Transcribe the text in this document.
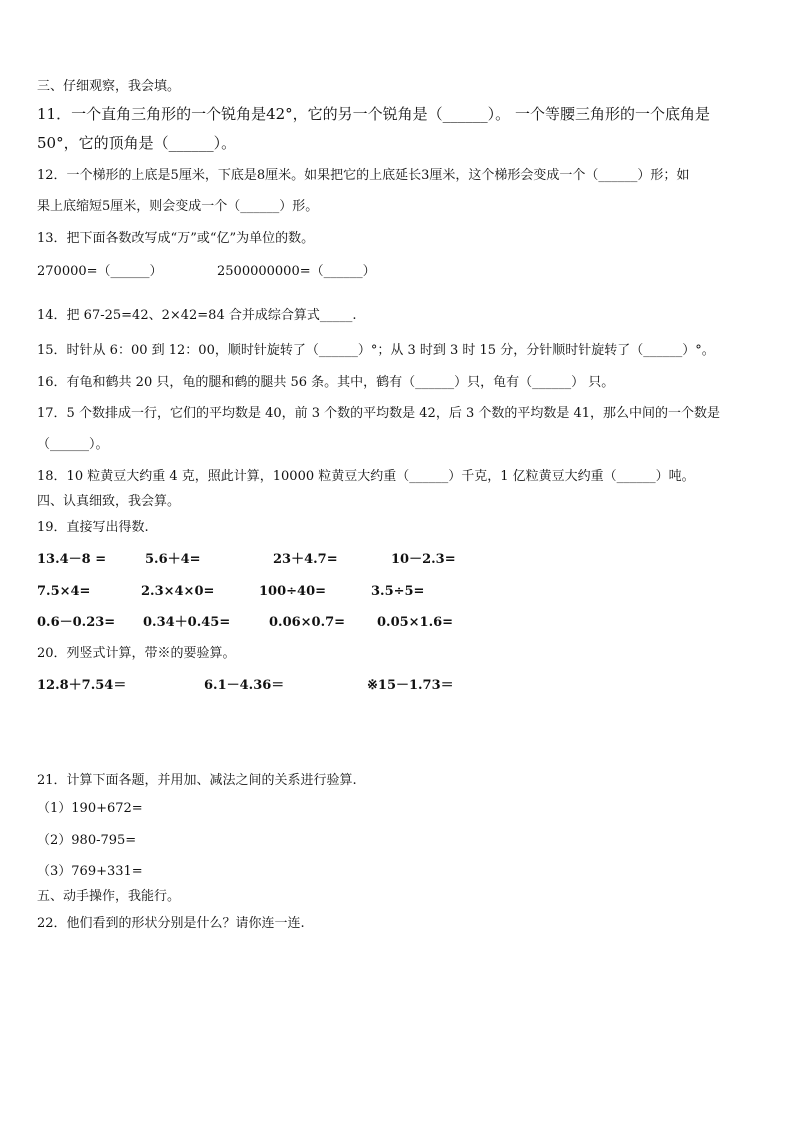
三、仔细观察，我会填。
11．一个直角三角形的一个锐角是42°，它的另一个锐角是（______）。 一个等腰三角形的一个底角是
50°，它的顶角是（______）。
12．一个梯形的上底是5厘米，下底是8厘米。如果把它的上底延长3厘米，这个梯形会变成一个（______）形；如
果上底缩短5厘米，则会变成一个（______）形。
13．把下面各数改写成“万”或“亿”为单位的数。
270000=（______）	2500000000=（______）
14．把 67-25=42、2×42=84 合并成综合算式_____.
15．时针从 6：00 到 12：00，顺时针旋转了（______）°；从 3 时到 3 时 15 分，分针顺时针旋转了（______）°。
16．有龟和鹤共 20 只，龟的腿和鹤的腿共 56 条。其中，鹤有（______）只，龟有（______） 只。
17．5 个数排成一行，它们的平均数是 40，前 3 个数的平均数是 42，后 3 个数的平均数是 41，那么中间的一个数是
（______）。
18．10 粒黄豆大约重 4 克，照此计算，10000 粒黄豆大约重（______）千克，1 亿粒黄豆大约重（______）吨。
四、认真细致，我会算。
19．直接写出得数.
13.4－8 =	5.6＋4=	23＋4.7=	10－2.3=
7.5×4=	2.3×4×0=	100÷40=	3.5÷5=
0.6－0.23= 0.34＋0.45=	0.06×0.7= 0.05×1.6=
20．列竖式计算，带※的要验算。
12.8＋7.54＝	6.1－4.36＝	※15－1.73＝
21．计算下面各题，并用加、减法之间的关系进行验算.
（1）190+672=
（2）980-795=
（3）769+331=
五、动手操作，我能行。
22．他们看到的形状分别是什么？请你连一连.
